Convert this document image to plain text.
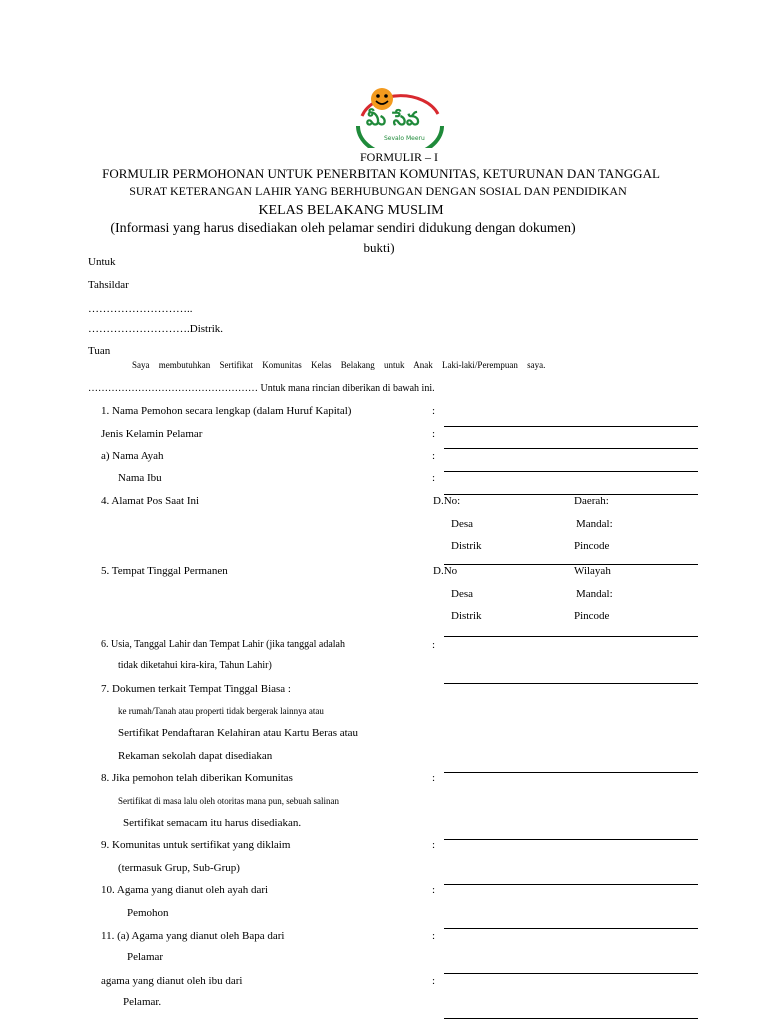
మీ సేవ
Sevalo Meeru
FORMULIR – I
FORMULIR PERMOHONAN UNTUK PENERBITAN KOMUNITAS, KETURUNAN DAN TANGGAL
SURAT KETERANGAN LAHIR YANG BERHUBUNGAN DENGAN SOSIAL DAN PENDIDIKAN
KELAS BELAKANG MUSLIM
(Informasi yang harus disediakan oleh pelamar sendiri didukung dengan dokumen)
bukti)
Untuk
Tahsildar
………………………..
……………………….Distrik.
Tuan
Saya membutuhkan Sertifikat Komunitas Kelas Belakang untuk Anak Laki-laki/Perempuan saya.
…………………………………………… Untuk mana rincian diberikan di bawah ini.
1. Nama Pemohon secara lengkap (dalam Huruf Kapital)	:
Jenis Kelamin Pelamar	:
a) Nama Ayah	:
Nama Ibu	:
4. Alamat Pos Saat Ini	D.No:	Daerah:
Desa	Mandal:
Distrik	Pincode
5. Tempat Tinggal Permanen	D.No	Wilayah
Desa	Mandal:
Distrik	Pincode
6. Usia, Tanggal Lahir dan Tempat Lahir (jika tanggal adalah	:
tidak diketahui kira-kira, Tahun Lahir)
7. Dokumen terkait Tempat Tinggal Biasa :
ke rumah/Tanah atau properti tidak bergerak lainnya atau
Sertifikat Pendaftaran Kelahiran atau Kartu Beras atau
Rekaman sekolah dapat disediakan
8. Jika pemohon telah diberikan Komunitas	:
Sertifikat di masa lalu oleh otoritas mana pun, sebuah salinan
Sertifikat semacam itu harus disediakan.
9. Komunitas untuk sertifikat yang diklaim	:
(termasuk Grup, Sub-Grup)
10. Agama yang dianut oleh ayah dari	:
Pemohon
11. (a) Agama yang dianut oleh Bapa dari	:
Pelamar
agama yang dianut oleh ibu dari	:
Pelamar.
